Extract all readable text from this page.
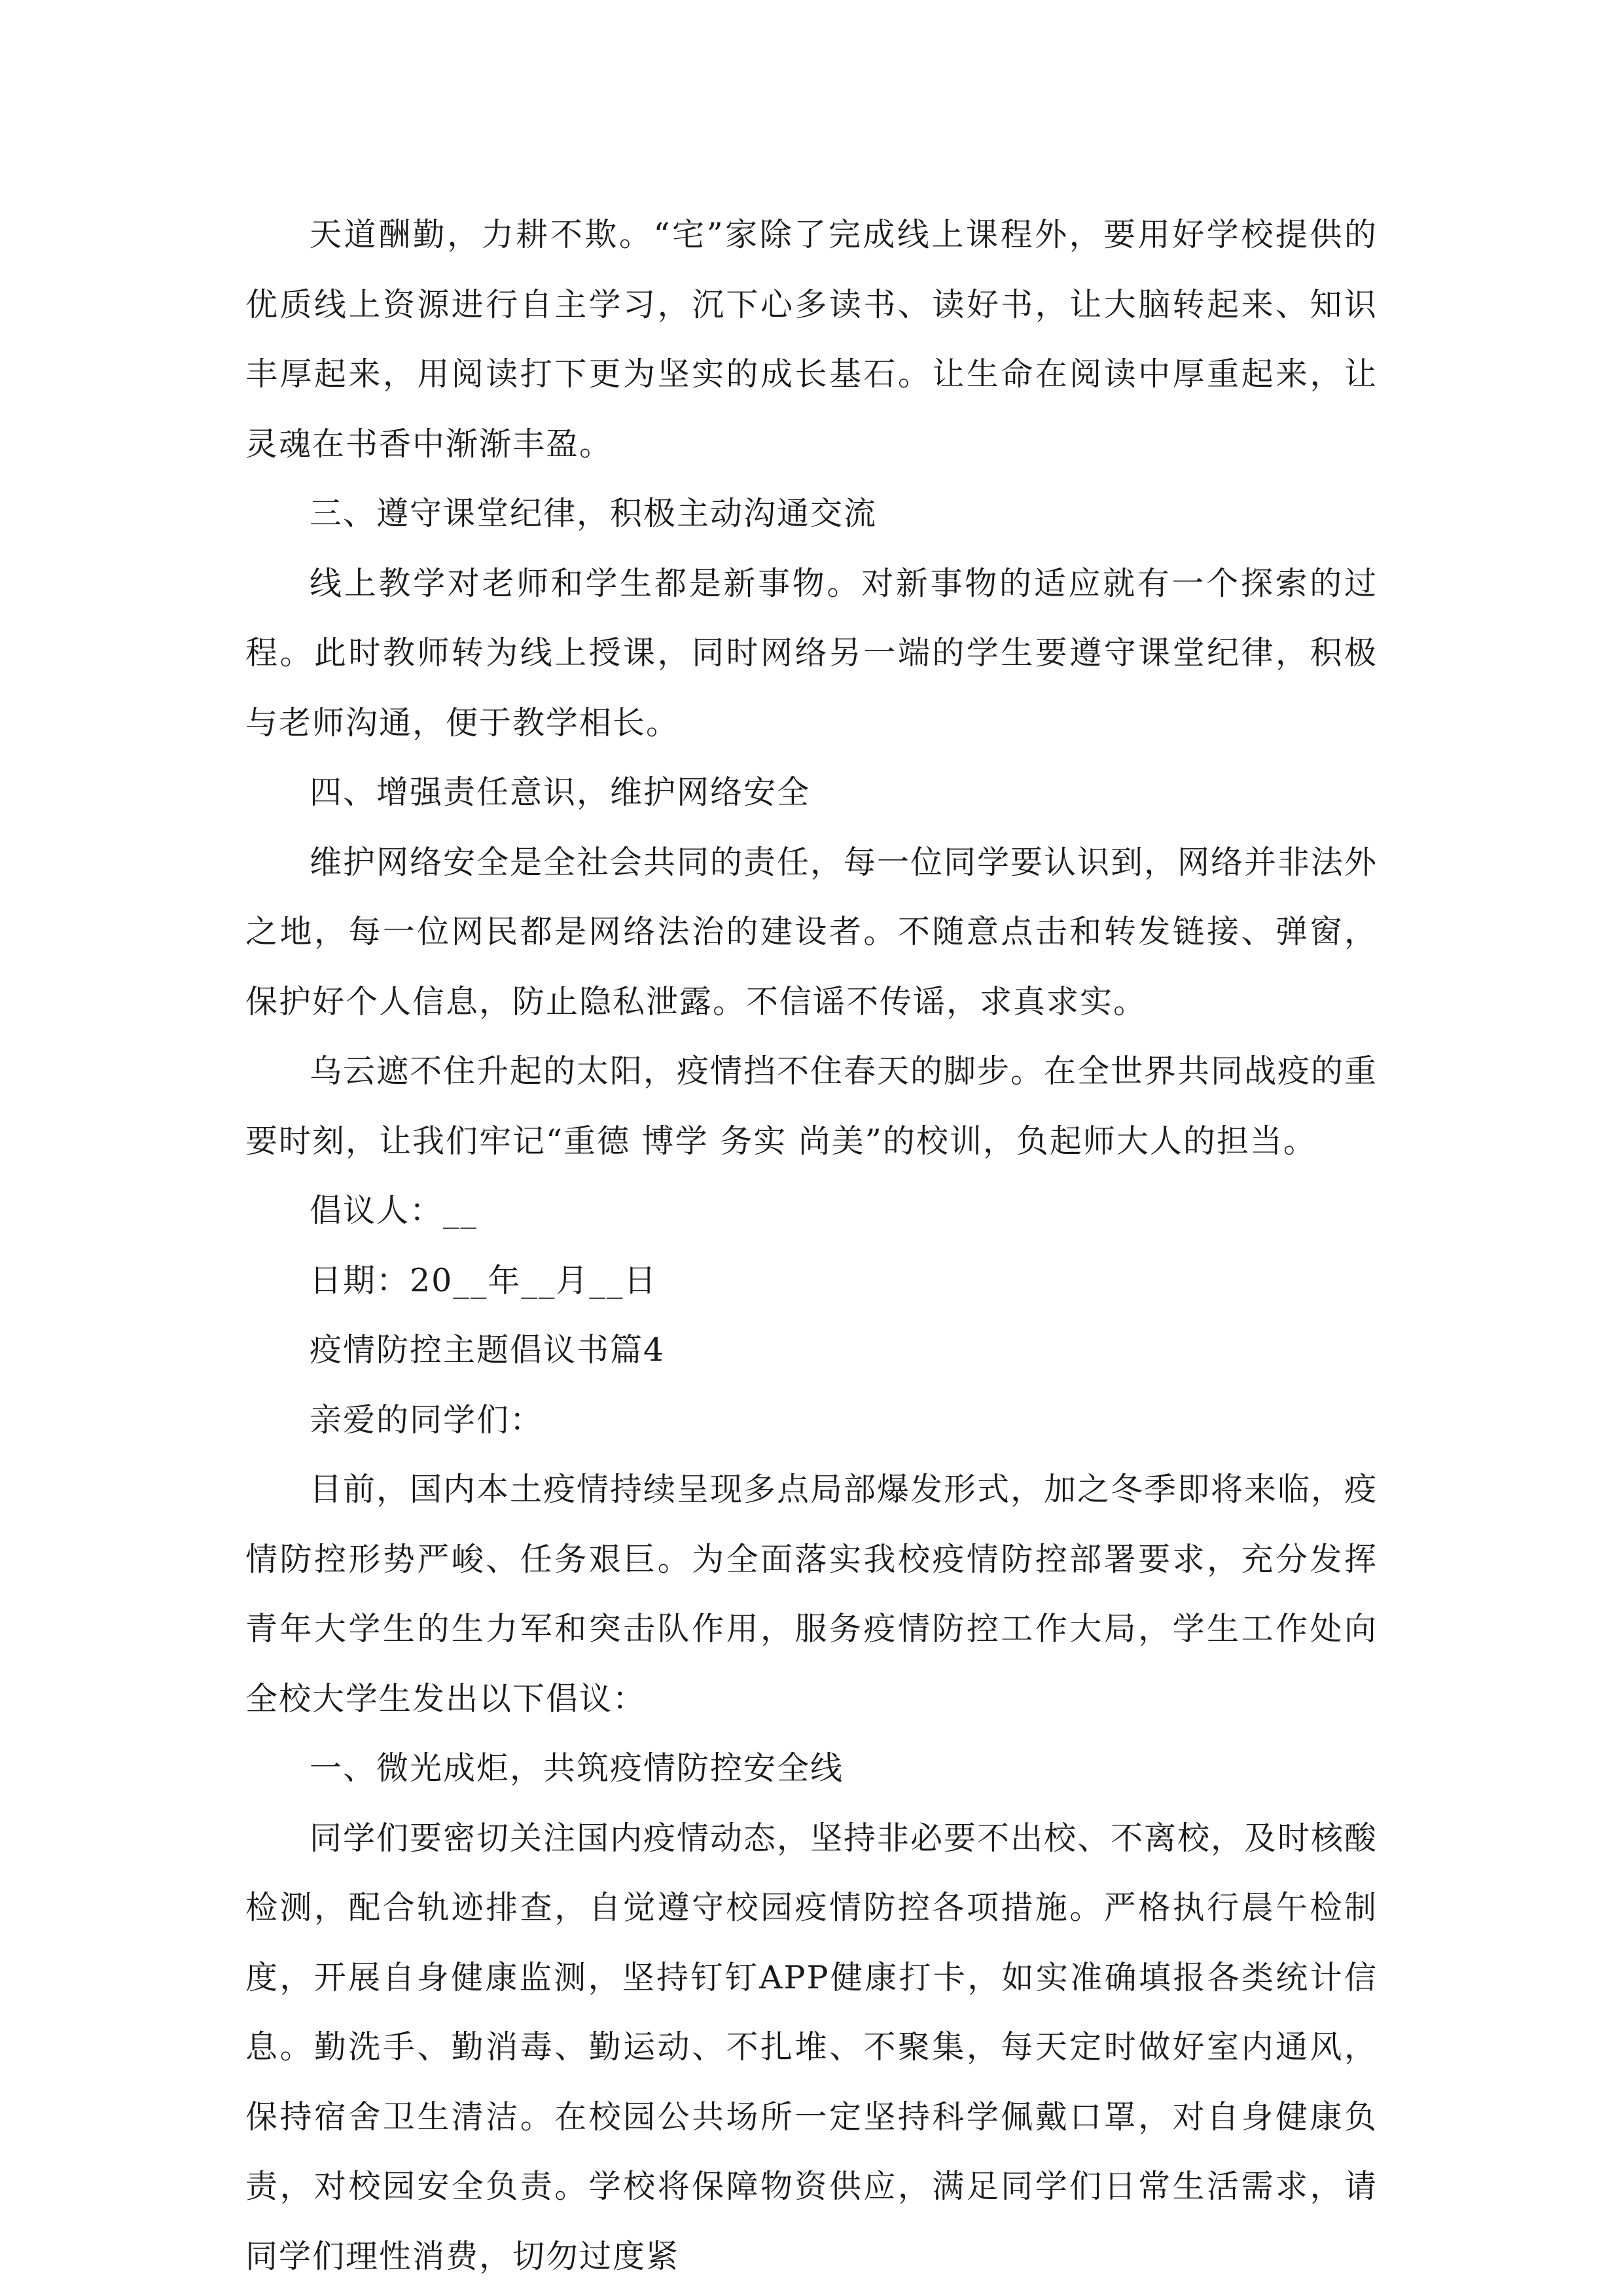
天道酬勤，力耕不欺。“宅”家除了完成线上课程外，要用好学校提供的优质线上资源进行自主学习，沉下心多读书、读好书，让大脑转起来、知识丰厚起来，用阅读打下更为坚实的成长基石。让生命在阅读中厚重起来，让灵魂在书香中渐渐丰盈。

三、遵守课堂纪律，积极主动沟通交流

线上教学对老师和学生都是新事物。对新事物的适应就有一个探索的过程。此时教师转为线上授课，同时网络另一端的学生要遵守课堂纪律，积极与老师沟通，便于教学相长。

四、增强责任意识，维护网络安全

维护网络安全是全社会共同的责任，每一位同学要认识到，网络并非法外之地，每一位网民都是网络法治的建设者。不随意点击和转发链接、弹窗，保护好个人信息，防止隐私泄露。不信谣不传谣，求真求实。

乌云遮不住升起的太阳，疫情挡不住春天的脚步。在全世界共同战疫的重要时刻，让我们牢记“重德 博学 务实 尚美”的校训，负起师大人的担当。

倡议人：__

日期：20__年__月__日

疫情防控主题倡议书篇4

亲爱的同学们：

目前，国内本土疫情持续呈现多点局部爆发形式，加之冬季即将来临，疫情防控形势严峻、任务艰巨。为全面落实我校疫情防控部署要求，充分发挥青年大学生的生力军和突击队作用，服务疫情防控工作大局，学生工作处向全校大学生发出以下倡议：

一、微光成炬，共筑疫情防控安全线

同学们要密切关注国内疫情动态，坚持非必要不出校、不离校，及时核酸检测，配合轨迹排查，自觉遵守校园疫情防控各项措施。严格执行晨午检制度，开展自身健康监测，坚持钉钉APP健康打卡，如实准确填报各类统计信息。勤洗手、勤消毒、勤运动、不扎堆、不聚集，每天定时做好室内通风，保持宿舍卫生清洁。在校园公共场所一定坚持科学佩戴口罩，对自身健康负责，对校园安全负责。学校将保障物资供应，满足同学们日常生活需求，请同学们理性消费，切勿过度紧
